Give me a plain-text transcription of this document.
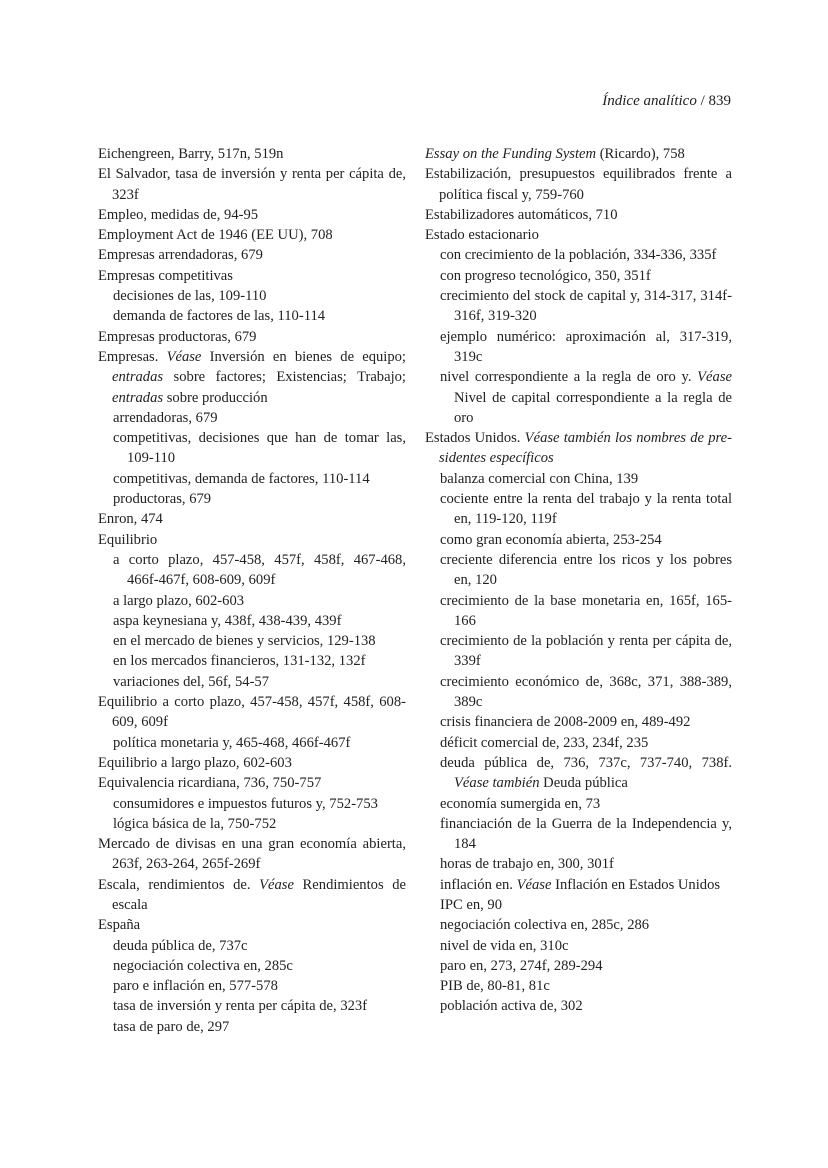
Índice analítico / 839
Eichengreen, Barry, 517n, 519n
El Salvador, tasa de inversión y renta per cápita de, 323f
Empleo, medidas de, 94-95
Employment Act de 1946 (EE UU), 708
Empresas arrendadoras, 679
Empresas competitivas
decisiones de las, 109-110
demanda de factores de las, 110-114
Empresas productoras, 679
Empresas. Véase Inversión en bienes de equipo; entradas sobre factores; Existencias; Trabajo; entradas sobre producción
arrendadoras, 679
competitivas, decisiones que han de tomar las, 109-110
competitivas, demanda de factores, 110-114
productoras, 679
Enron, 474
Equilibrio
a corto plazo, 457-458, 457f, 458f, 467-468, 466f-467f, 608-609, 609f
a largo plazo, 602-603
aspa keynesiana y, 438f, 438-439, 439f
en el mercado de bienes y servicios, 129-138
en los mercados financieros, 131-132, 132f
variaciones del, 56f, 54-57
Equilibrio a corto plazo, 457-458, 457f, 458f, 608-609, 609f
política monetaria y, 465-468, 466f-467f
Equilibrio a largo plazo, 602-603
Equivalencia ricardiana, 736, 750-757
consumidores e impuestos futuros y, 752-753
lógica básica de la, 750-752
Mercado de divisas en una gran economía abierta, 263f, 263-264, 265f-269f
Escala, rendimientos de. Véase Rendimientos de escala
España
deuda pública de, 737c
negociación colectiva en, 285c
paro e inflación en, 577-578
tasa de inversión y renta per cápita de, 323f
tasa de paro de, 297
Essay on the Funding System (Ricardo), 758
Estabilización, presupuestos equilibrados frente a política fiscal y, 759-760
Estabilizadores automáticos, 710
Estado estacionario
con crecimiento de la población, 334-336, 335f
con progreso tecnológico, 350, 351f
crecimiento del stock de capital y, 314-317, 314f-316f, 319-320
ejemplo numérico: aproximación al, 317-319, 319c
nivel correspondiente a la regla de oro y. Véase Nivel de capital correspondiente a la regla de oro
Estados Unidos. Véase también los nombres de presidentes específicos
balanza comercial con China, 139
cociente entre la renta del trabajo y la renta total en, 119-120, 119f
como gran economía abierta, 253-254
creciente diferencia entre los ricos y los pobres en, 120
crecimiento de la base monetaria en, 165f, 165-166
crecimiento de la población y renta per cápita de, 339f
crecimiento económico de, 368c, 371, 388-389, 389c
crisis financiera de 2008-2009 en, 489-492
déficit comercial de, 233, 234f, 235
deuda pública de, 736, 737c, 737-740, 738f. Véase también Deuda pública
economía sumergida en, 73
financiación de la Guerra de la Independencia y, 184
horas de trabajo en, 300, 301f
inflación en. Véase Inflación en Estados Unidos
IPC en, 90
negociación colectiva en, 285c, 286
nivel de vida en, 310c
paro en, 273, 274f, 289-294
PIB de, 80-81, 81c
población activa de, 302
